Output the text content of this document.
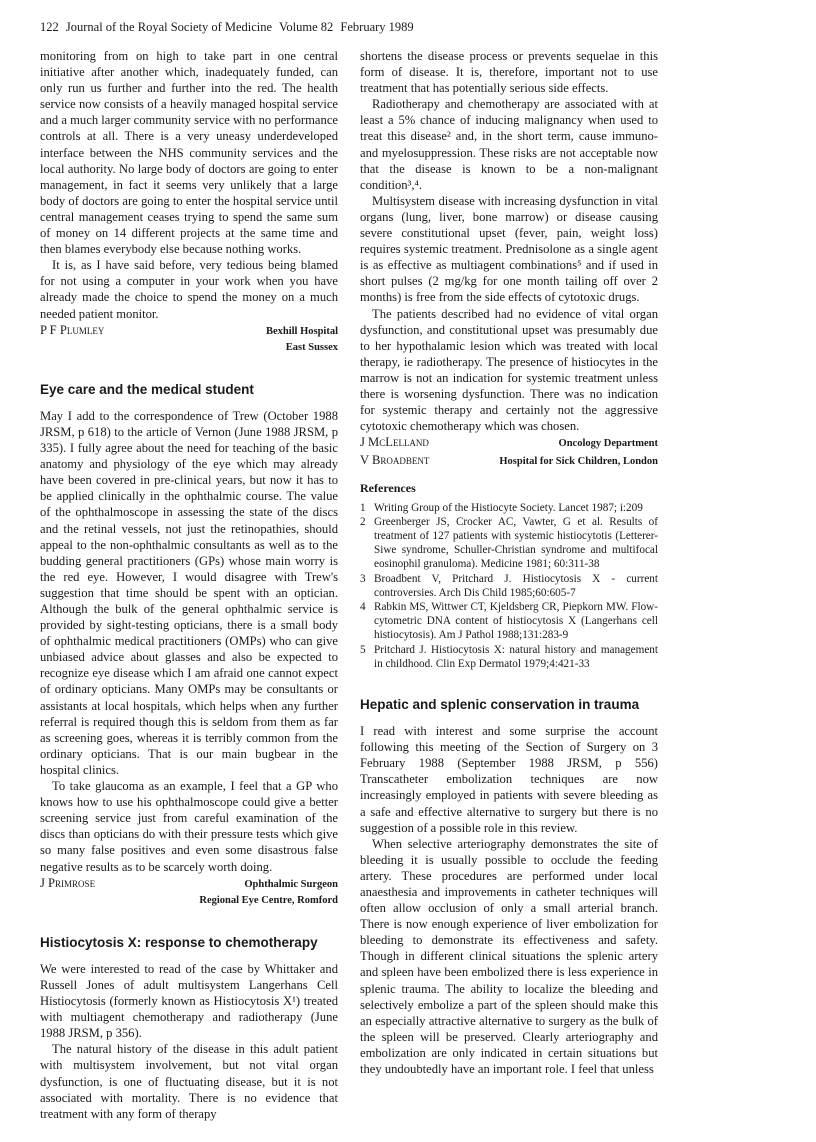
122 Journal of the Royal Society of Medicine Volume 82 February 1989

monitoring from on high to take part in one central initiative after another which, inadequately funded, can only run us further and further into the red. The health service now consists of a heavily managed hospital service and a much larger community service with no performance controls at all. There is a very uneasy underdeveloped interface between the NHS community services and the local authority. No large body of doctors are going to enter management, in fact it seems very unlikely that a large body of doctors are going to enter the hospital service until central management ceases trying to spend the same sum of money on 14 different projects at the same time and then blames everybody else because nothing works.

It is, as I have said before, very tedious being blamed for not using a computer in your work when you have already made the choice to spend the money on a much needed patient monitor.

P F Plumley	Bexhill Hospital

East Sussex

Eye care and the medical student

May I add to the correspondence of Trew (October 1988 JRSM, p 618) to the article of Vernon (June 1988 JRSM, p 335). I fully agree about the need for teaching of the basic anatomy and physiology of the eye which may already have been covered in pre-clinical years, but now it has to be applied clinically in the ophthalmic course. The value of the ophthalmoscope in assessing the state of the discs and the retinal vessels, not just the retinopathies, should appeal to the non-ophthalmic consultants as well as to the budding general practitioners (GPs) whose main worry is the red eye. However, I would disagree with Trew's suggestion that time should be spent with an optician. Although the bulk of the general ophthalmic service is provided by sight-testing opticians, there is a small body of ophthalmic medical practitioners (OMPs) who can give unbiased advice about glasses and also be expected to recognize eye disease which I am afraid one cannot expect of ordinary opticians. Many OMPs may be consultants or assistants at local hospitals, which helps when any further referral is required though this is seldom from them as far as screening goes, whereas it is terribly common from the ordinary opticians. That is our main bugbear in the hospital clinics.

To take glaucoma as an example, I feel that a GP who knows how to use his ophthalmoscope could give a better screening service just from careful examination of the discs than opticians do with their pressure tests which give so many false positives and even some disastrous false negative results as to be scarcely worth doing.

J Primrose	Ophthalmic Surgeon

Regional Eye Centre, Romford

Histiocytosis X: response to chemotherapy

We were interested to read of the case by Whittaker and Russell Jones of adult multisystem Langerhans Cell Histiocytosis (formerly known as Histiocytosis X¹) treated with multiagent chemotherapy and radiotherapy (June 1988 JRSM, p 356).

The natural history of the disease in this adult patient with multisystem involvement, but not vital organ dysfunction, is one of fluctuating disease, but it is not associated with mortality. There is no evidence that treatment with any form of therapy

shortens the disease process or prevents sequelae in this form of disease. It is, therefore, important not to use treatment that has potentially serious side effects.

Radiotherapy and chemotherapy are associated with at least a 5% chance of inducing malignancy when used to treat this disease² and, in the short term, cause immuno- and myelosuppression. These risks are not acceptable now that the disease is known to be a non-malignant condition³,⁴.

Multisystem disease with increasing dysfunction in vital organs (lung, liver, bone marrow) or disease causing severe constitutional upset (fever, pain, weight loss) requires systemic treatment. Prednisolone as a single agent is as effective as multiagent combinations⁵ and if used in short pulses (2 mg/kg for one month tailing off over 2 months) is free from the side effects of cytotoxic drugs.

The patients described had no evidence of vital organ dysfunction, and constitutional upset was presumably due to her hypothalamic lesion which was treated with local therapy, ie radiotherapy. The presence of histiocytes in the marrow is not an indication for systemic treatment unless there is worsening dysfunction. There was no indication for systemic therapy and certainly not the aggressive cytotoxic chemotherapy which was chosen.

J McLelland	Oncology Department
V Broadbent	Hospital for Sick Children, London
References
1 Writing Group of the Histiocyte Society. Lancet 1987; i:209
2 Greenberger JS, Crocker AC, Vawter, G et al. Results of treatment of 127 patients with systemic histiocytotis (Letterer-Siwe syndrome, Schuller-Christian syndrome and multifocal eosinophil granuloma). Medicine 1981; 60:311-38
3 Broadbent V, Pritchard J. Histiocytosis X - current controversies. Arch Dis Child 1985;60:605-7
4 Rabkin MS, Wittwer CT, Kjeldsberg CR, Piepkorn MW. Flow-cytometric DNA content of histiocytosis X (Langerhans cell histiocytosis). Am J Pathol 1988;131:283-9
5 Pritchard J. Histiocytosis X: natural history and management in childhood. Clin Exp Dermatol 1979;4:421-33
Hepatic and splenic conservation in trauma

I read with interest and some surprise the account following this meeting of the Section of Surgery on 3 February 1988 (September 1988 JRSM, p 556) Transcatheter embolization techniques are now increasingly employed in patients with severe bleeding as a safe and effective alternative to surgery but there is no suggestion of a possible role in this review.

When selective arteriography demonstrates the site of bleeding it is usually possible to occlude the feeding artery. These procedures are performed under local anaesthesia and improvements in catheter techniques will often allow occlusion of only a small arterial branch. There is now enough experience of liver embolization for bleeding to demonstrate its effectiveness and safety. Though in different clinical situations the splenic artery and spleen have been embolized there is less experience in splenic trauma. The ability to localize the bleeding and selectively embolize a part of the spleen should make this an especially attractive alternative to surgery as the bulk of the spleen will be preserved. Clearly arteriography and embolization are only indicated in certain situations but they undoubtedly have an important role. I feel that unless
